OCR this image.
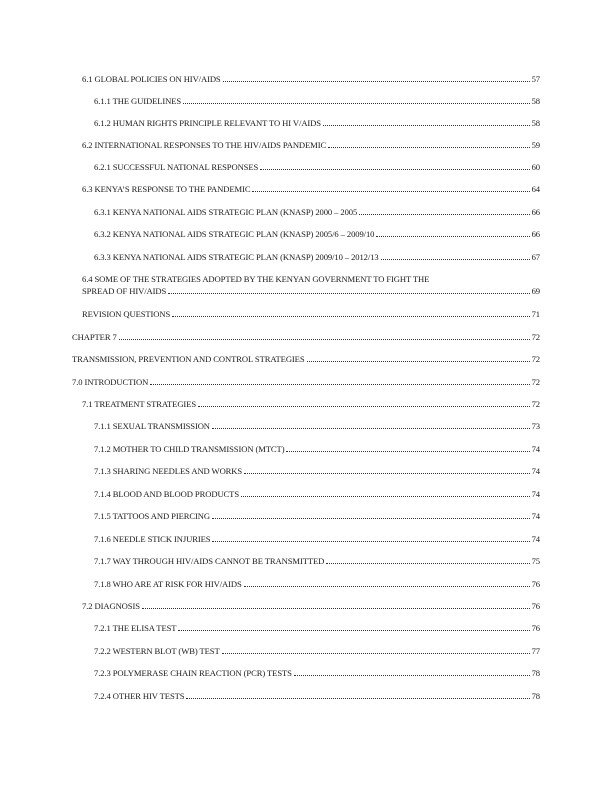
6.1 GLOBAL POLICIES ON HIV/AIDS	57
6.1.1 THE GUIDELINES	58
6.1.2 HUMAN RIGHTS PRINCIPLE RELEVANT TO HI V/AIDS	58
6.2 INTERNATIONAL RESPONSES TO THE HIV/AIDS PANDEMIC	59
6.2.1 SUCCESSFUL NATIONAL RESPONSES	60
6.3 KENYA’S RESPONSE TO THE PANDEMIC	64
6.3.1 KENYA NATIONAL AIDS STRATEGIC PLAN (KNASP) 2000 – 2005	66
6.3.2 KENYA NATIONAL AIDS STRATEGIC PLAN (KNASP) 2005/6 – 2009/10	66
6.3.3 KENYA NATIONAL AIDS STRATEGIC PLAN (KNASP) 2009/10 – 2012/13	67
6.4 SOME OF THE STRATEGIES ADOPTED BY THE KENYAN GOVERNMENT TO FIGHT THE
SPREAD OF HIV/AIDS	69
REVISION QUESTIONS	71
CHAPTER 7	72
TRANSMISSION, PREVENTION AND CONTROL STRATEGIES	72
7.0 INTRODUCTION	72
7.1 TREATMENT STRATEGIES	72
7.1.1 SEXUAL TRANSMISSION	73
7.1.2 MOTHER TO CHILD TRANSMISSION (MTCT)	74
7.1.3 SHARING NEEDLES AND WORKS	74
7.1.4 BLOOD AND BLOOD PRODUCTS	74
7.1.5 TATTOOS AND PIERCING	74
7.1.6 NEEDLE STICK INJURIES	74
7.1.7 WAY THROUGH HIV/AIDS CANNOT BE TRANSMITTED	75
7.1.8 WHO ARE AT RISK FOR HIV/AIDS	76
7.2 DIAGNOSIS	76
7.2.1 THE ELISA TEST	76
7.2.2 WESTERN BLOT (WB) TEST	77
7.2.3 POLYMERASE CHAIN REACTION (PCR) TESTS	78
7.2.4 OTHER HIV TESTS	78
